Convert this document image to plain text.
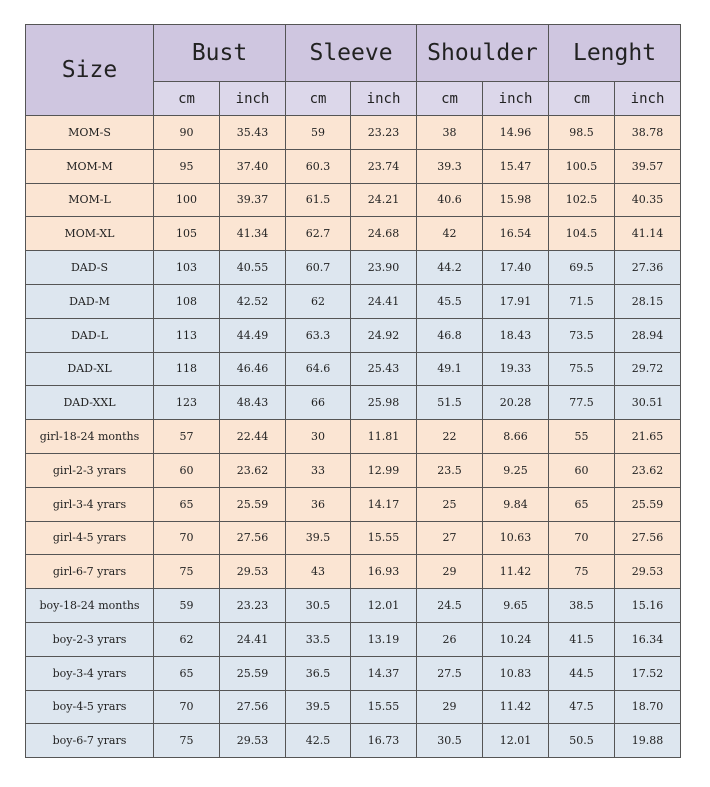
Size	Bust		Sleeve		Shoulder		Lenght	
	cm	inch	cm	inch	cm	inch	cm	inch
MOM-S	90	35.43	59	23.23	38	14.96	98.5	38.78
MOM-M	95	37.40	60.3	23.74	39.3	15.47	100.5	39.57
MOM-L	100	39.37	61.5	24.21	40.6	15.98	102.5	40.35
MOM-XL	105	41.34	62.7	24.68	42	16.54	104.5	41.14
DAD-S	103	40.55	60.7	23.90	44.2	17.40	69.5	27.36
DAD-M	108	42.52	62	24.41	45.5	17.91	71.5	28.15
DAD-L	113	44.49	63.3	24.92	46.8	18.43	73.5	28.94
DAD-XL	118	46.46	64.6	25.43	49.1	19.33	75.5	29.72
DAD-XXL	123	48.43	66	25.98	51.5	20.28	77.5	30.51
girl-18-24 months	57	22.44	30	11.81	22	8.66	55	21.65
girl-2-3 yrars	60	23.62	33	12.99	23.5	9.25	60	23.62
girl-3-4 yrars	65	25.59	36	14.17	25	9.84	65	25.59
girl-4-5 yrars	70	27.56	39.5	15.55	27	10.63	70	27.56
girl-6-7 yrars	75	29.53	43	16.93	29	11.42	75	29.53
boy-18-24 months	59	23.23	30.5	12.01	24.5	9.65	38.5	15.16
boy-2-3 yrars	62	24.41	33.5	13.19	26	10.24	41.5	16.34
boy-3-4 yrars	65	25.59	36.5	14.37	27.5	10.83	44.5	17.52
boy-4-5 yrars	70	27.56	39.5	15.55	29	11.42	47.5	18.70
boy-6-7 yrars	75	29.53	42.5	16.73	30.5	12.01	50.5	19.88
